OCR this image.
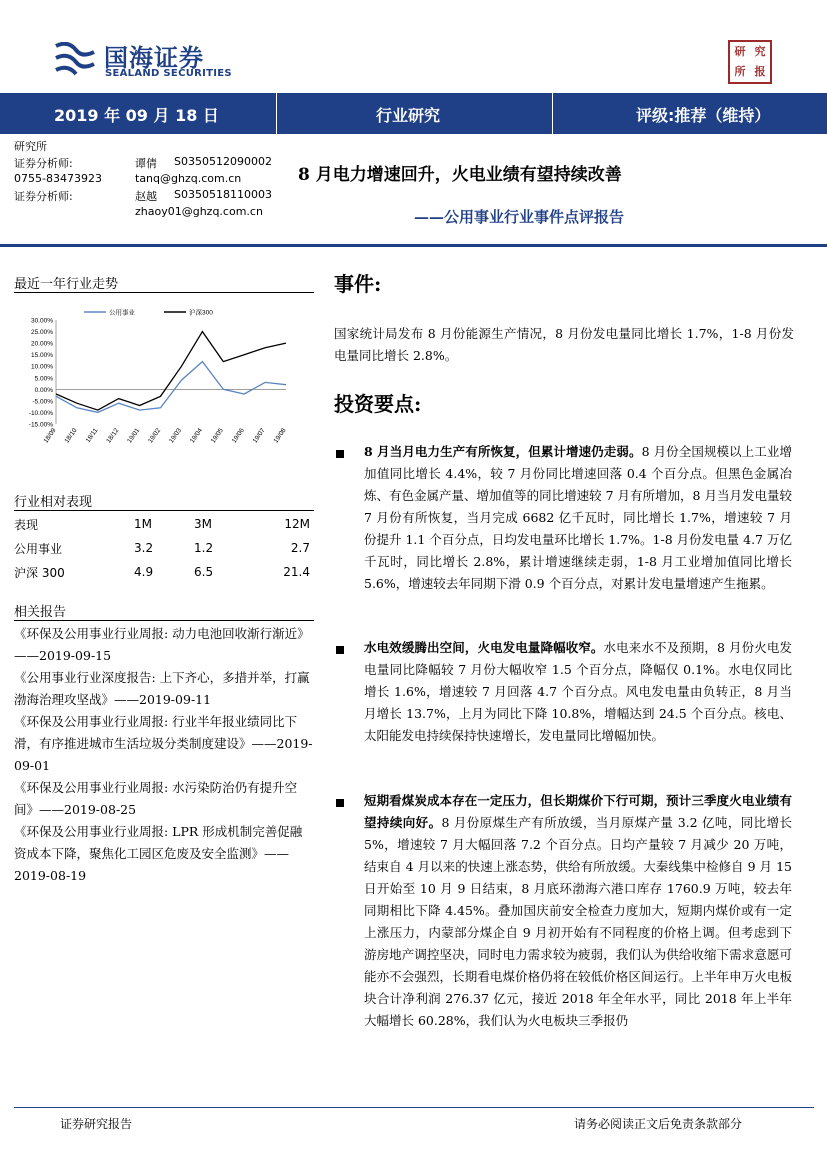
国海证券
SEALAND SECURITIES
研 究
所 报
2019 年 09 月 18 日	行业研究	评级:推荐（维持）
研究所
证券分析师:	谭倩 S0350512090002
0755-83473923	tanq@ghzq.com.cn
证券分析师:	赵越 S0350518110003
zhaoy01@ghzq.com.cn
8 月电力增速回升，火电业绩有望持续改善
——公用事业行业事件点评报告
最近一年行业走势
30.00%
25.00%
20.00%
15.00%
10.00%
5.00%
0.00%
-5.00%
-10.00%
-15.00%
18/09 18/10 18/11 18/12 19/01 19/02 19/03 19/04 19/05 19/06 19/07 19/08
公用事业	沪深300
行业相对表现
表现	1M	3M	12M
公用事业	3.2	1.2	2.7
沪深 300	4.9	6.5	21.4
相关报告
《环保及公用事业行业周报: 动力电池回收渐行渐近》——2019-09-15
《公用事业行业深度报告: 上下齐心，多措并举，打赢渤海治理攻坚战》——2019-09-11
《环保及公用事业行业周报: 行业半年报业绩同比下滑，有序推进城市生活垃圾分类制度建设》——2019-09-01
《环保及公用事业行业周报: 水污染防治仍有提升空间》——2019-08-25
《环保及公用事业行业周报: LPR 形成机制完善促融资成本下降，聚焦化工园区危废及安全监测》——2019-08-19
事件:
国家统计局发布 8 月份能源生产情况，8 月份发电量同比增长 1.7%，1-8 月份发电量同比增长 2.8%。
投资要点:
8 月当月电力生产有所恢复，但累计增速仍走弱。8 月份全国规模以上工业增加值同比增长 4.4%，较 7 月份同比增速回落 0.4 个百分点。但黑色金属冶炼、有色金属产量、增加值等的同比增速较 7 月有所增加，8 月当月发电量较 7 月份有所恢复，当月完成 6682 亿千瓦时，同比增长 1.7%，增速较 7 月份提升 1.1 个百分点，日均发电量环比增长 1.7%。1-8 月份发电量 4.7 万亿千瓦时，同比增长 2.8%，累计增速继续走弱，1-8 月工业增加值同比增长 5.6%，增速较去年同期下滑 0.9 个百分点，对累计发电量增速产生拖累。
水电效缓腾出空间，火电发电量降幅收窄。水电来水不及预期，8 月份火电发电量同比降幅较 7 月份大幅收窄 1.5 个百分点，降幅仅 0.1%。水电仅同比增长 1.6%，增速较 7 月回落 4.7 个百分点。风电发电量由负转正，8 月当月增长 13.7%，上月为同比下降 10.8%，增幅达到 24.5 个百分点。核电、太阳能发电持续保持快速增长，发电量同比增幅加快。
短期看煤炭成本存在一定压力，但长期煤价下行可期，预计三季度火电业绩有望持续向好。8 月份原煤生产有所放缓，当月原煤产量 3.2 亿吨，同比增长 5%，增速较 7 月大幅回落 7.2 个百分点。日均产量较 7 月减少 20 万吨，结束自 4 月以来的快速上涨态势，供给有所放缓。大秦线集中检修自 9 月 15 日开始至 10 月 9 日结束，8 月底环渤海六港口库存 1760.9 万吨，较去年同期相比下降 4.45%。叠加国庆前安全检查力度加大，短期内煤价或有一定上涨压力，内蒙部分煤企自 9 月初开始有不同程度的价格上调。但考虑到下游房地产调控坚决，同时电力需求较为疲弱，我们认为供给收缩下需求意愿可能亦不会强烈，长期看电煤价格仍将在较低价格区间运行。上半年申万火电板块合计净利润 276.37 亿元，接近 2018 年全年水平，同比 2018 年上半年大幅增长 60.28%，我们认为火电板块三季报仍
证券研究报告	请务必阅读正文后免责条款部分
